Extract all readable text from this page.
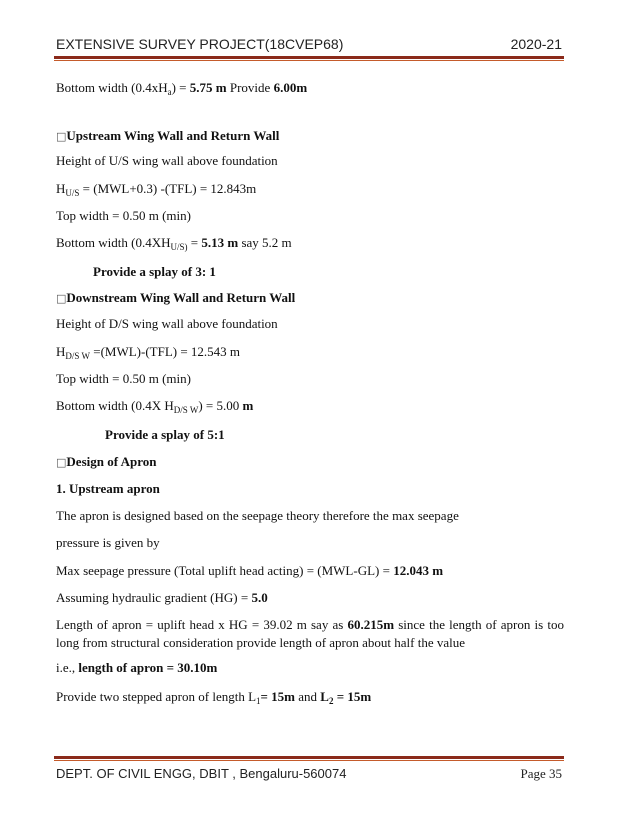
EXTENSIVE SURVEY PROJECT(18CVEP68)	2020-21
Bottom width $(0.4xH_a) = 5.75$ m Provide 6.00m
□Upstream Wing Wall and Return Wall
Height of U/S wing wall above foundation
$H_{U/S} = (MWL+0.3) -(TFL) = 12.843m$
Top width = 0.50 m (min)
Bottom width ($0.4XH_{U/S)} = 5.13$ m say 5.2 m
Provide a splay of 3: 1
□Downstream Wing Wall and Return Wall
Height of D/S wing wall above foundation
$H_{D/S W} =(MWL)-(TFL) = 12.543$ m
Top width = 0.50 m (min)
Bottom width (0.4X $H_{D/S W}) = 5.00$ m
Provide a splay of 5:1
□Design of Apron
1. Upstream apron
The apron is designed based on the seepage theory therefore the max seepage
pressure is given by
Max seepage pressure (Total uplift head acting) = (MWL-GL) = 12.043 m
Assuming hydraulic gradient (HG) = 5.0
Length of apron = uplift head x HG = 39.02 m say as 60.215m since the length of apron is too long from structural consideration provide length of apron about half the value
i.e., length of apron = 30.10m
Provide two stepped apron of length $L_1= 15m$ and $L_2 = 15m$
DEPT. OF CIVIL ENGG, DBIT , Bengaluru-560074	Page 35
